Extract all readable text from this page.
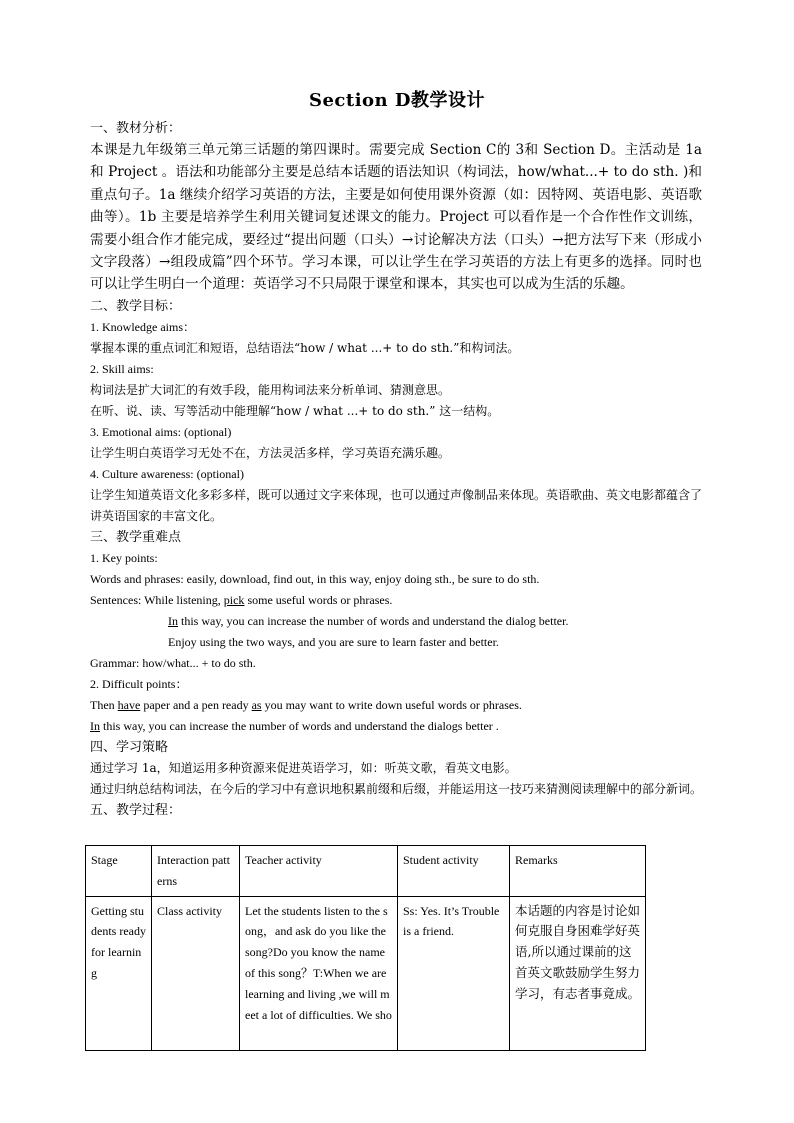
Section D教学设计
一、教材分析：

本课是九年级第三单元第三话题的第四课时。需要完成 Section C的 3和 Section D。主活动是 1a 和 Project 。语法和功能部分主要是总结本话题的语法知识（构词法，how/what...+ to do sth. )和重点句子。1a 继续介绍学习英语的方法，主要是如何使用课外资源（如：因特网、英语电影、英语歌曲等）。1b 主要是培养学生利用关键词复述课文的能力。Project 可以看作是一个合作性作文训练，需要小组合作才能完成，要经过“提出问题（口头）→讨论解决方法（口头）→把方法写下来（形成小文字段落）→组段成篇”四个环节。学习本课，可以让学生在学习英语的方法上有更多的选择。同时也可以让学生明白一个道理：英语学习不只局限于课堂和课本，其实也可以成为生活的乐趣。

二、教学目标：
1. Knowledge aims：
掌握本课的重点词汇和短语，总结语法“how / what ...+ to do sth.”和构词法。
2. Skill aims:
构词法是扩大词汇的有效手段，能用构词法来分析单词、猜测意思。
在听、说、读、写等活动中能理解“how / what ...+ to do sth.” 这一结构。
3. Emotional aims: (optional)
让学生明白英语学习无处不在，方法灵活多样，学习英语充满乐趣。
4. Culture awareness: (optional)
让学生知道英语文化多彩多样，既可以通过文字来体现，也可以通过声像制品来体现。英语歌曲、英文电影都蕴含了讲英语国家的丰富文化。
三、教学重难点
1. Key points:
Words and phrases: easily, download, find out, in this way, enjoy doing sth., be sure to do sth.
Sentences: While listening, pick some useful words or phrases.
In this way, you can increase the number of words and understand the dialog better.
Enjoy using the two ways, and you are sure to learn faster and better.
Grammar: how/what... + to do sth.
2. Difficult points：
Then have paper and a pen ready as you may want to write down useful words or phrases.
In this way, you can increase the number of words and understand the dialogs better .
四、学习策略
通过学习 1a，知道运用多种资源来促进英语学习，如：听英文歌，看英文电影。
通过归纳总结构词法，在今后的学习中有意识地积累前缀和后缀，并能运用这一技巧来猜测阅读理解中的部分新词。
五、教学过程：
Stage	Interaction patterns	Teacher activity	Student activity	Remarks
Getting students ready for learning	Class activity	Let the students listen to the song，and ask do you like the song?Do you know the name of this song？T:When we are learning and living ,we will meet a lot of difficulties. We sho	Ss: Yes. It’s Trouble is a friend.	本话题的内容是讨论如何克服自身困难学好英语,所以通过课前的这首英文歌鼓励学生努力学习，有志者事竟成。
